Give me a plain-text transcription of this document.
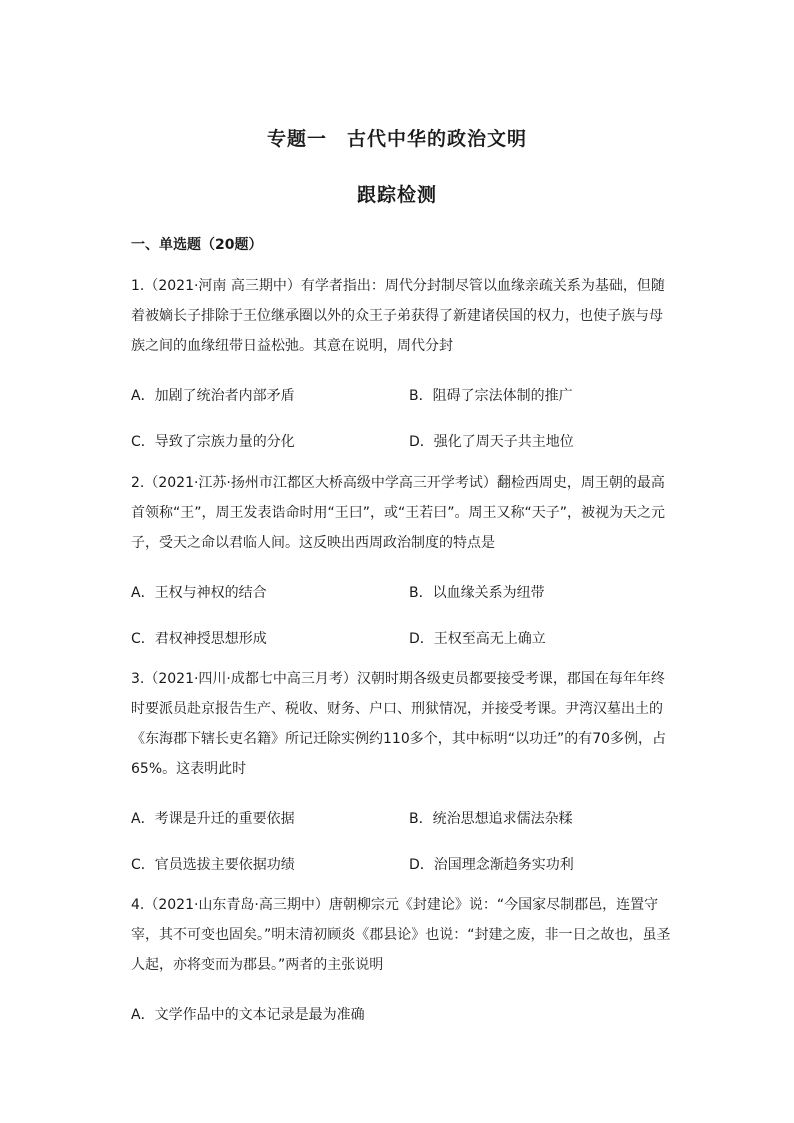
专题一　古代中华的政治文明
跟踪检测
一、单选题（20题）

1.（2021·河南 高三期中）有学者指出：周代分封制尽管以血缘亲疏关系为基础，但随着被嫡长子排除于王位继承圈以外的众王子弟获得了新建诸侯国的权力，也使子族与母族之间的血缘纽带日益松弛。其意在说明，周代分封

A．加剧了统治者内部矛盾	B．阻碍了宗法体制的推广
C．导致了宗族力量的分化	D．强化了周天子共主地位

2.（2021·江苏·扬州市江都区大桥高级中学高三开学考试）翻检西周史，周王朝的最高首领称“王”，周王发表诰命时用“王曰”，或“王若曰”。周王又称“天子”，被视为天之元子，受天之命以君临人间。这反映出西周政治制度的特点是

A．王权与神权的结合	B．以血缘关系为纽带
C．君权神授思想形成	D．王权至高无上确立

3.（2021·四川·成都七中高三月考）汉朝时期各级吏员都要接受考课，郡国在每年年终时要派员赴京报告生产、税收、财务、户口、刑狱情况，并接受考课。尹湾汉墓出土的《东海郡下辖长吏名籍》所记迁除实例约110多个，其中标明“以功迁”的有70多例，占65%。这表明此时

A．考课是升迁的重要依据	B．统治思想追求儒法杂糅
C．官员选拔主要依据功绩	D．治国理念渐趋务实功利

4.（2021·山东青岛·高三期中）唐朝柳宗元《封建论》说：“今国家尽制郡邑，连置守宰，其不可变也固矣。”明末清初顾炎《郡县论》也说：“封建之废，非一日之故也，虽圣人起，亦将变而为郡县。”两者的主张说明

A．文学作品中的文本记录是最为准确
